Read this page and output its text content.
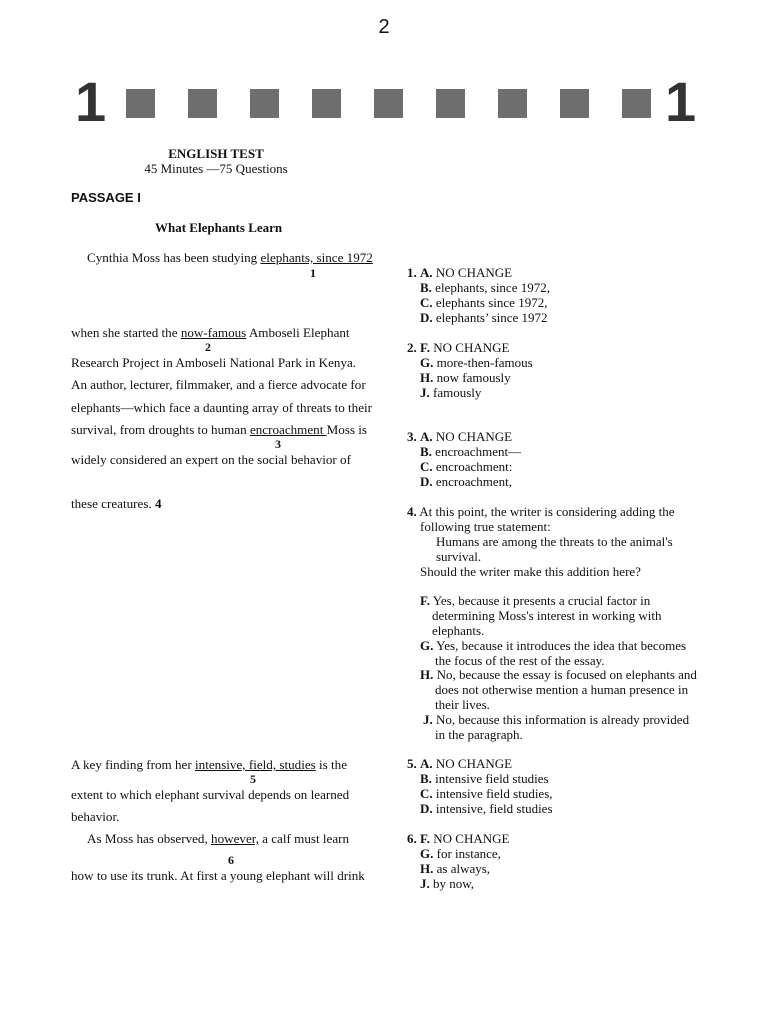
2
1	1
ENGLISH TEST
45 Minutes —75 Questions
PASSAGE I
What Elephants Learn
Cynthia Moss has been studying elephants, since 1972
1
when she started the now-famous Amboseli Elephant
2
Research Project in Amboseli National Park in Kenya.
An author, lecturer, filmmaker, and a fierce advocate for
elephants—which face a daunting array of threats to their
survival, from droughts to human encroachment Moss is
3
widely considered an expert on the social behavior of
these creatures. 4
A key finding from her intensive, field, studies is the
5
extent to which elephant survival depends on learned
behavior.
As Moss has observed, however, a calf must learn
6
how to use its trunk. At first a young elephant will drink
1. A. NO CHANGE
B. elephants, since 1972,
C. elephants since 1972,
D. elephants’ since 1972
2. F. NO CHANGE
G. more-then-famous
H. now famously
J. famously
3. A. NO CHANGE
B. encroachment—
C. encroachment:
D. encroachment,
4. At this point, the writer is considering adding the
following true statement:
Humans are among the threats to the animal's
survival.
Should the writer make this addition here?
F. Yes, because it presents a crucial factor in
determining Moss's interest in working with
elephants.
G. Yes, because it introduces the idea that becomes
the focus of the rest of the essay.
H. No, because the essay is focused on elephants and
does not otherwise mention a human presence in
their lives.
J. No, because this information is already provided
in the paragraph.
5. A. NO CHANGE
B. intensive field studies
C. intensive field studies,
D. intensive, field studies
6. F. NO CHANGE
G. for instance,
H. as always,
J. by now,
